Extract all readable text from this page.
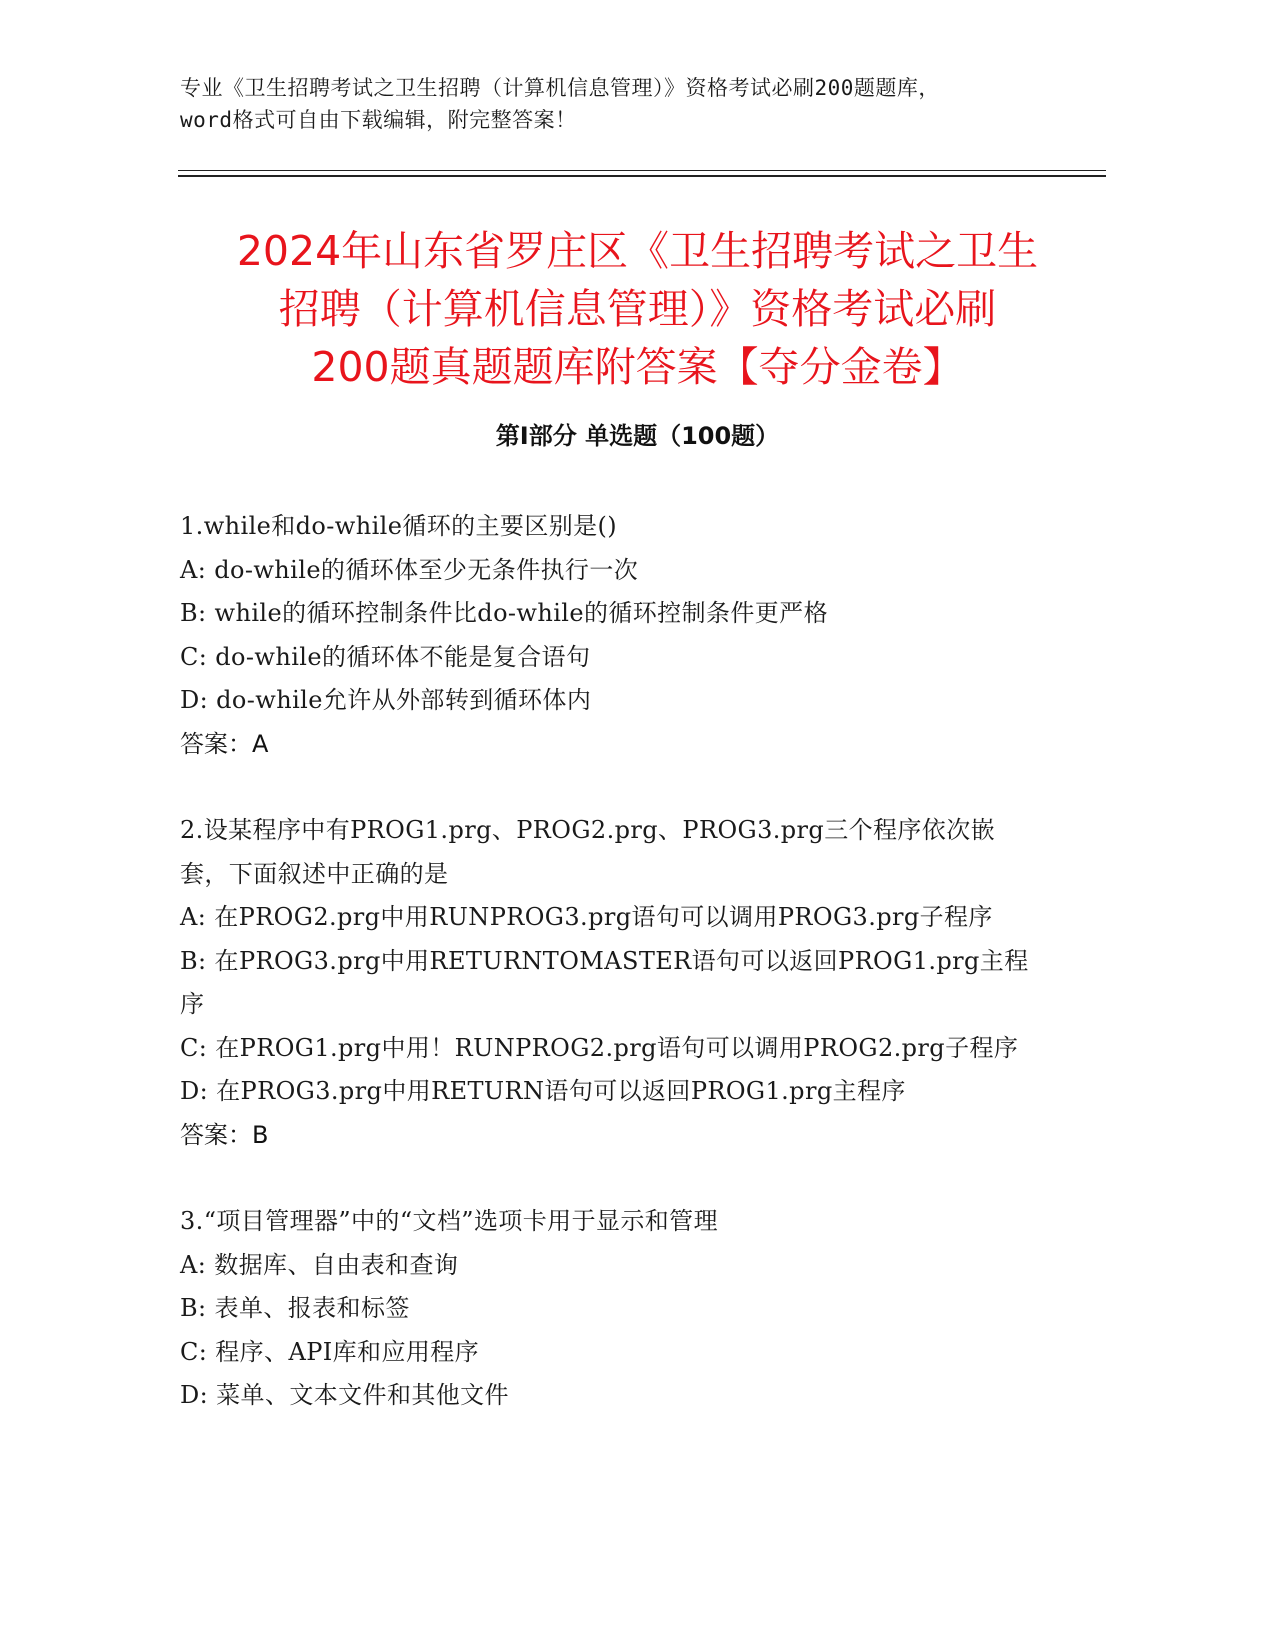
专业《卫生招聘考试之卫生招聘（计算机信息管理）》资格考试必刷200题题库，
word格式可自由下载编辑，附完整答案！
2024年山东省罗庄区《卫生招聘考试之卫生
招聘（计算机信息管理）》资格考试必刷
200题真题题库附答案【夺分金卷】
第Ⅰ部分 单选题（100题）
1.while和do-while循环的主要区别是()
A: do-while的循环体至少无条件执行一次
B: while的循环控制条件比do-while的循环控制条件更严格
C: do-while的循环体不能是复合语句
D: do-while允许从外部转到循环体内
答案：A
2.设某程序中有PROG1.prg、PROG2.prg、PROG3.prg三个程序依次嵌
套，下面叙述中正确的是
A: 在PROG2.prg中用RUNPROG3.prg语句可以调用PROG3.prg子程序
B: 在PROG3.prg中用RETURNTOMASTER语句可以返回PROG1.prg主程
序
C: 在PROG1.prg中用！RUNPROG2.prg语句可以调用PROG2.prg子程序
D: 在PROG3.prg中用RETURN语句可以返回PROG1.prg主程序
答案：B
3.“项目管理器”中的“文档”选项卡用于显示和管理
A: 数据库、自由表和查询
B: 表单、报表和标签
C: 程序、API库和应用程序
D: 菜单、文本文件和其他文件
